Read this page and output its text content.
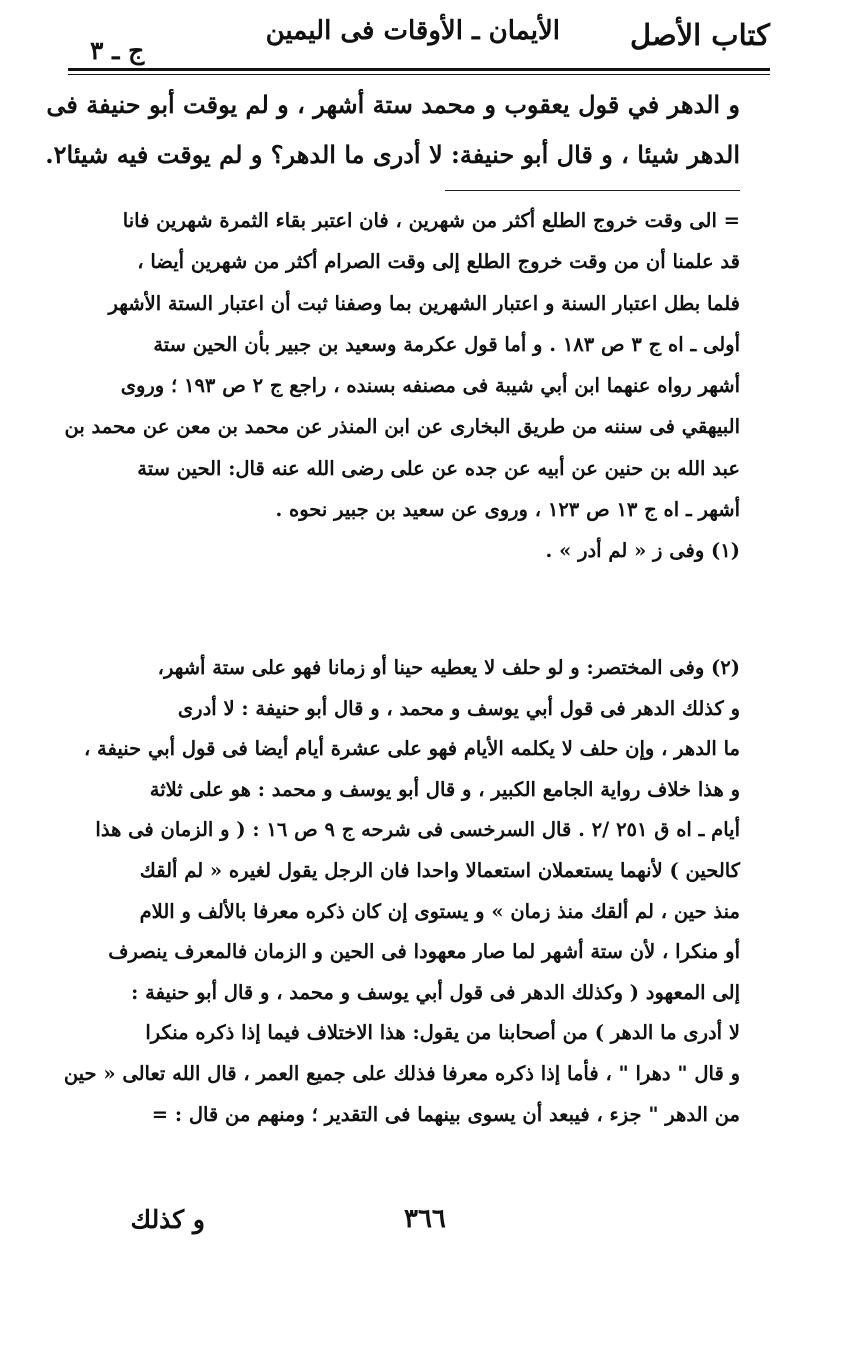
كتاب الأصل
الأيمان ـ الأوقات فى اليمين
ج ـ ٣
و الدهر في قول يعقوب و محمد ستة أشهر ، و لم يوقت أبو حنيفة فى
الدهر شيئا ، و قال أبو حنيفة: لا أدرى ما الدهر؟ و لم يوقت فيه شيئا٢.
= الى وقت خروج الطلع أكثر من شهرين ، فان اعتبر بقاء الثمرة شهرين فانا
قد علمنا أن من وقت خروج الطلع إلى وقت الصرام أكثر من شهرين أيضا ،
فلما بطل اعتبار السنة و اعتبار الشهرين بما وصفنا ثبت أن اعتبار الستة الأشهر
أولى ـ اه ج ٣ ص ١٨٣ . و أما قول عكرمة وسعيد بن جبير بأن الحين ستة
أشهر رواه عنهما ابن أبي شيبة فى مصنفه بسنده ، راجع ج ٢ ص ١٩٣ ؛ وروى
البيهقي فى سننه من طريق البخارى عن ابن المنذر عن محمد بن معن عن محمد بن
عبد الله بن حنين عن أبيه عن جده عن على رضى الله عنه قال: الحين ستة
أشهر ـ اه ج ١٣ ص ١٢٣ ، وروى عن سعيد بن جبير نحوه .
(١) وفى ز « لم أدر » .
(٢) وفى المختصر: و لو حلف لا يعطيه حينا أو زمانا فهو على ستة أشهر،
و كذلك الدهر فى قول أبي يوسف و محمد ، و قال أبو حنيفة : لا أدرى
ما الدهر ، وإن حلف لا يكلمه الأيام فهو على عشرة أيام أيضا فى قول أبي حنيفة ،
و هذا خلاف رواية الجامع الكبير ، و قال أبو يوسف و محمد : هو على ثلاثة
أيام ـ اه ق ٢٥١ /٢ . قال السرخسى فى شرحه ج ٩ ص ١٦ : ( و الزمان فى هذا
كالحين ) لأنهما يستعملان استعمالا واحدا فان الرجل يقول لغيره « لم ألقك
منذ حين ، لم ألقك منذ زمان » و يستوى إن كان ذكره معرفا بالألف و اللام
أو منكرا ، لأن ستة أشهر لما صار معهودا فى الحين و الزمان فالمعرف ينصرف
إلى المعهود ( وكذلك الدهر فى قول أبي يوسف و محمد ، و قال أبو حنيفة :
لا أدرى ما الدهر ) من أصحابنا من يقول: هذا الاختلاف فيما إذا ذكره منكرا
و قال " دهرا " ، فأما إذا ذكره معرفا فذلك على جميع العمر ، قال الله تعالى « حين
من الدهر " جزء ، فيبعد أن يسوى بينهما فى التقدير ؛ ومنهم من قال : =
٣٦٦
و كذلك
